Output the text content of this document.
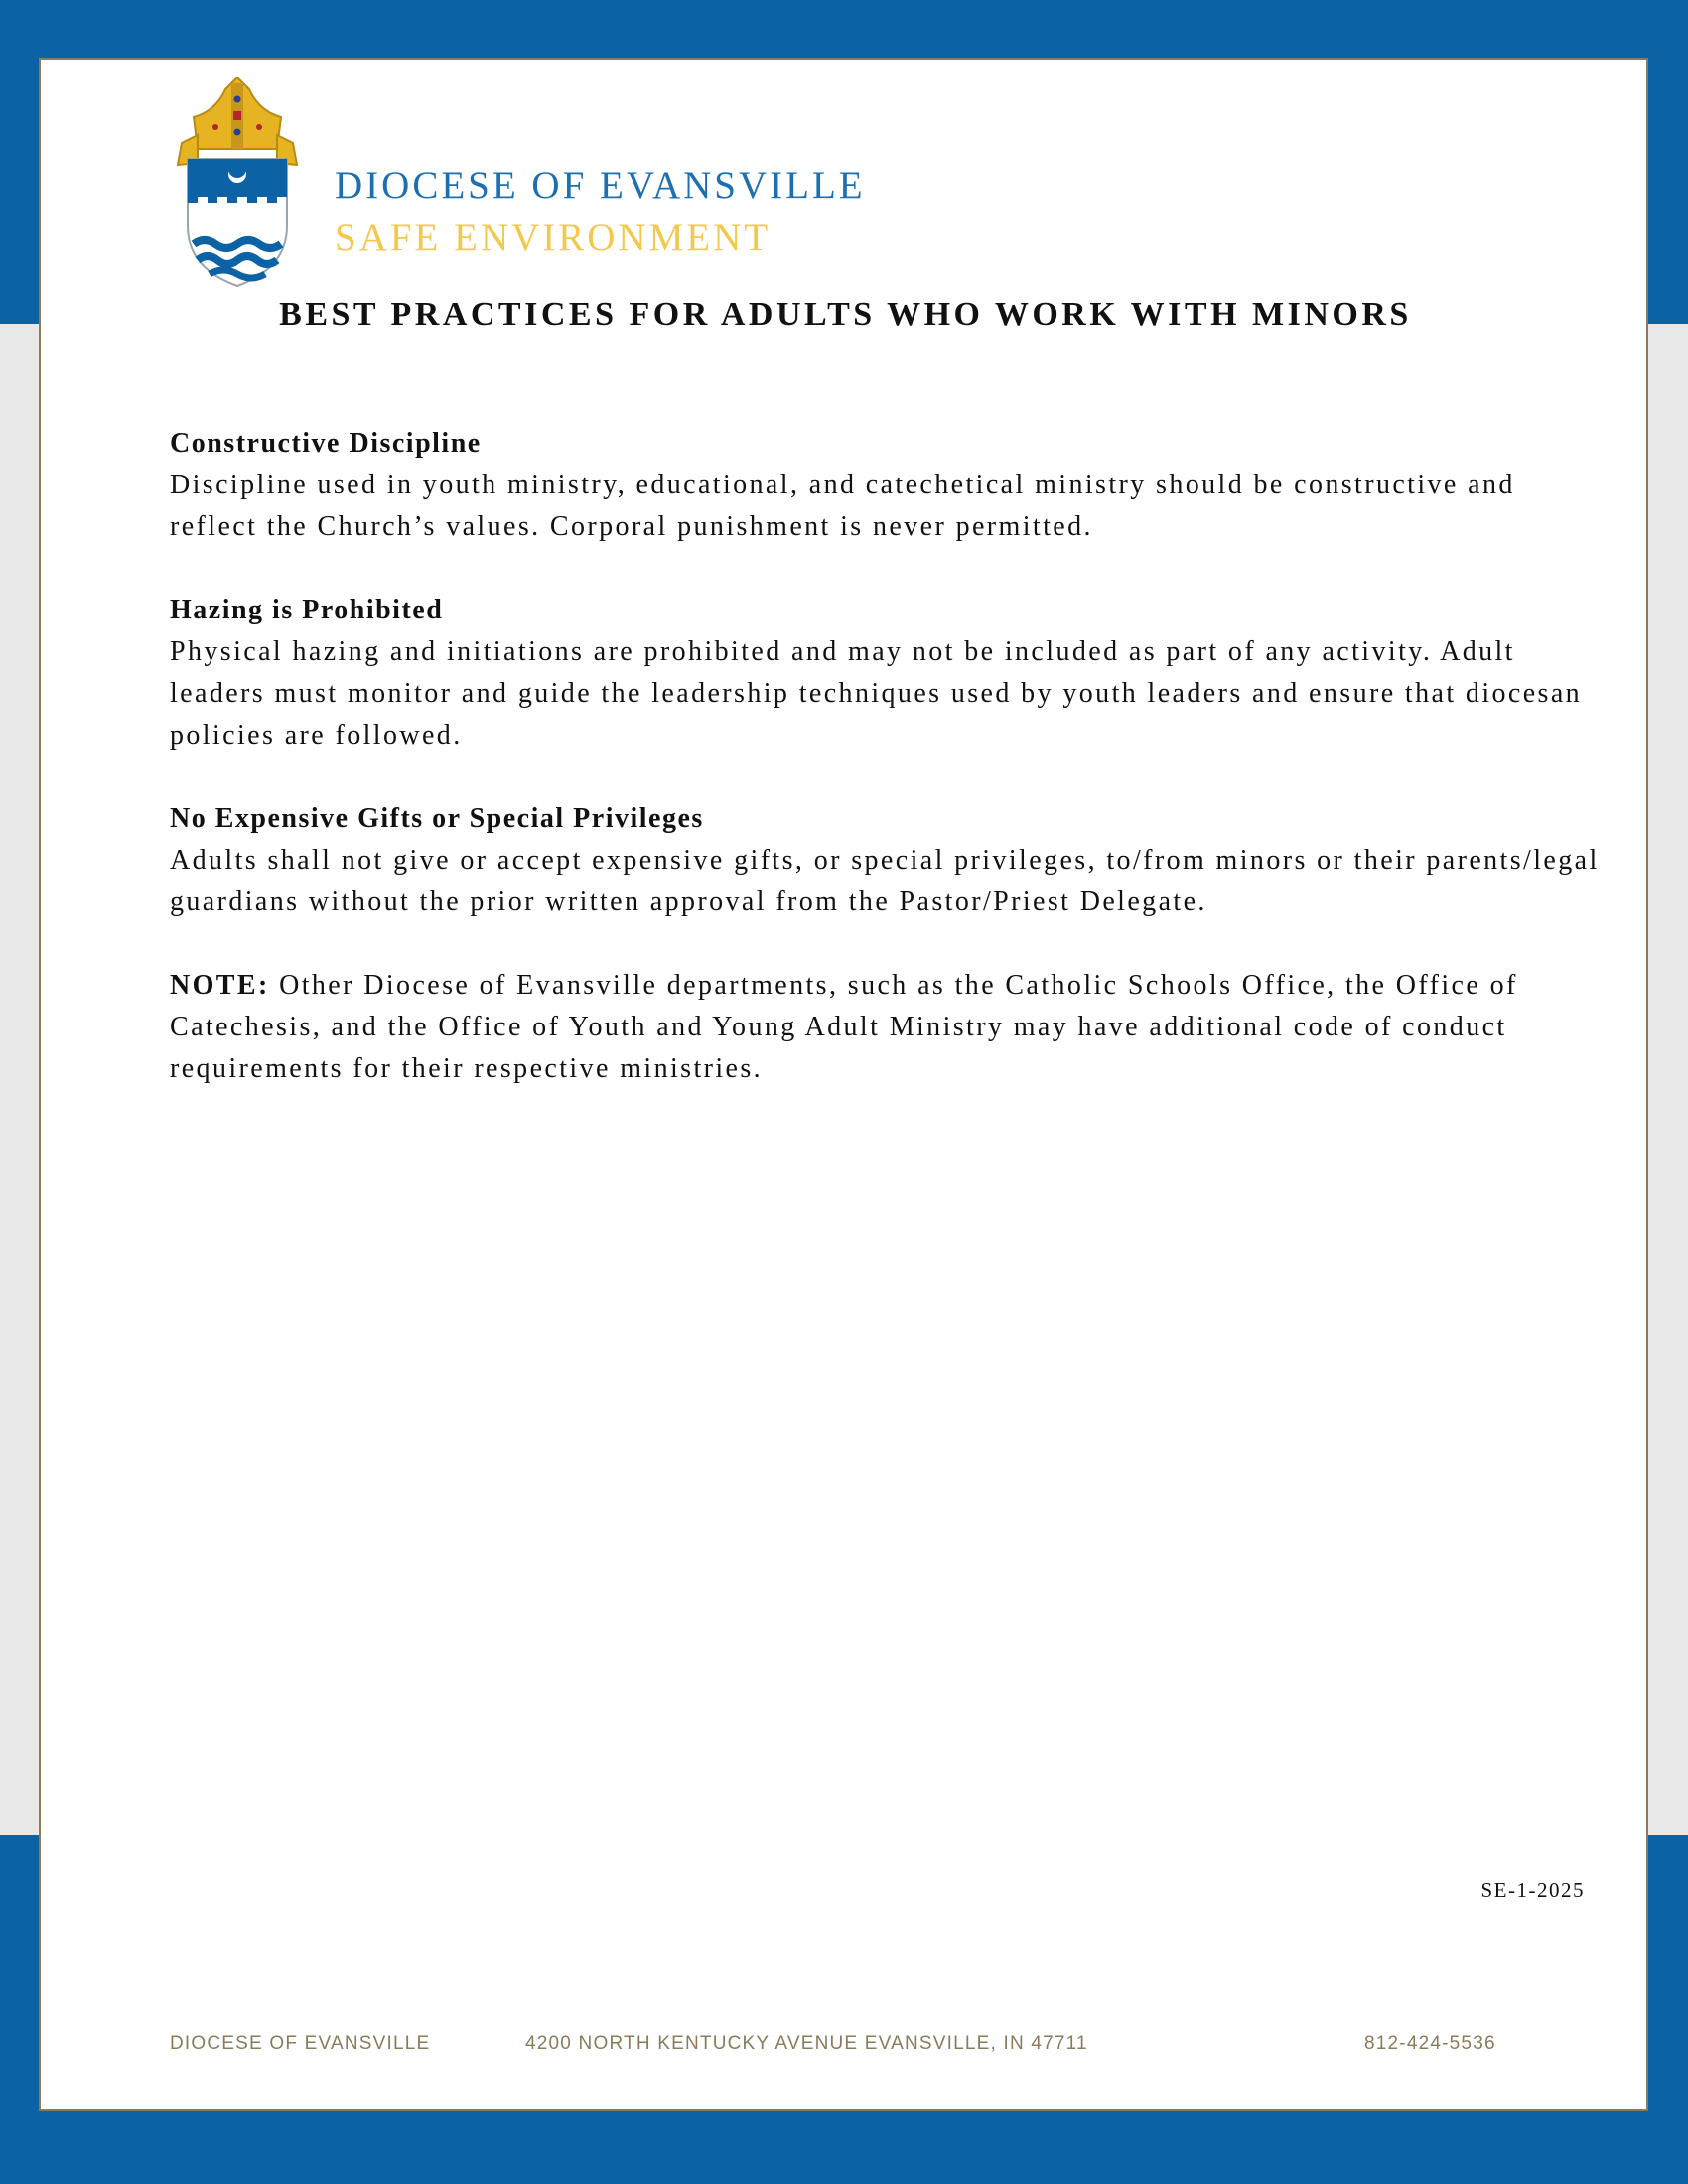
DIOCESE OF EVANSVILLE
SAFE ENVIRONMENT
BEST PRACTICES FOR ADULTS WHO WORK WITH MINORS
Constructive Discipline

Discipline used in youth ministry, educational, and catechetical ministry should be constructive and reflect the Church’s values. Corporal punishment is never permitted.

Hazing is Prohibited

Physical hazing and initiations are prohibited and may not be included as part of any activity. Adult leaders must monitor and guide the leadership techniques used by youth leaders and ensure that diocesan policies are followed.

No Expensive Gifts or Special Privileges

Adults shall not give or accept expensive gifts, or special privileges, to/from minors or their parents/legal guardians without the prior written approval from the Pastor/Priest Delegate.

NOTE: Other Diocese of Evansville departments, such as the Catholic Schools Office, the Office of Catechesis, and the Office of Youth and Young Adult Ministry may have additional code of conduct requirements for their respective ministries.

SE-1-2025
DIOCESE OF EVANSVILLE	4200 NORTH KENTUCKY AVENUE EVANSVILLE, IN 47711	812-424-5536
